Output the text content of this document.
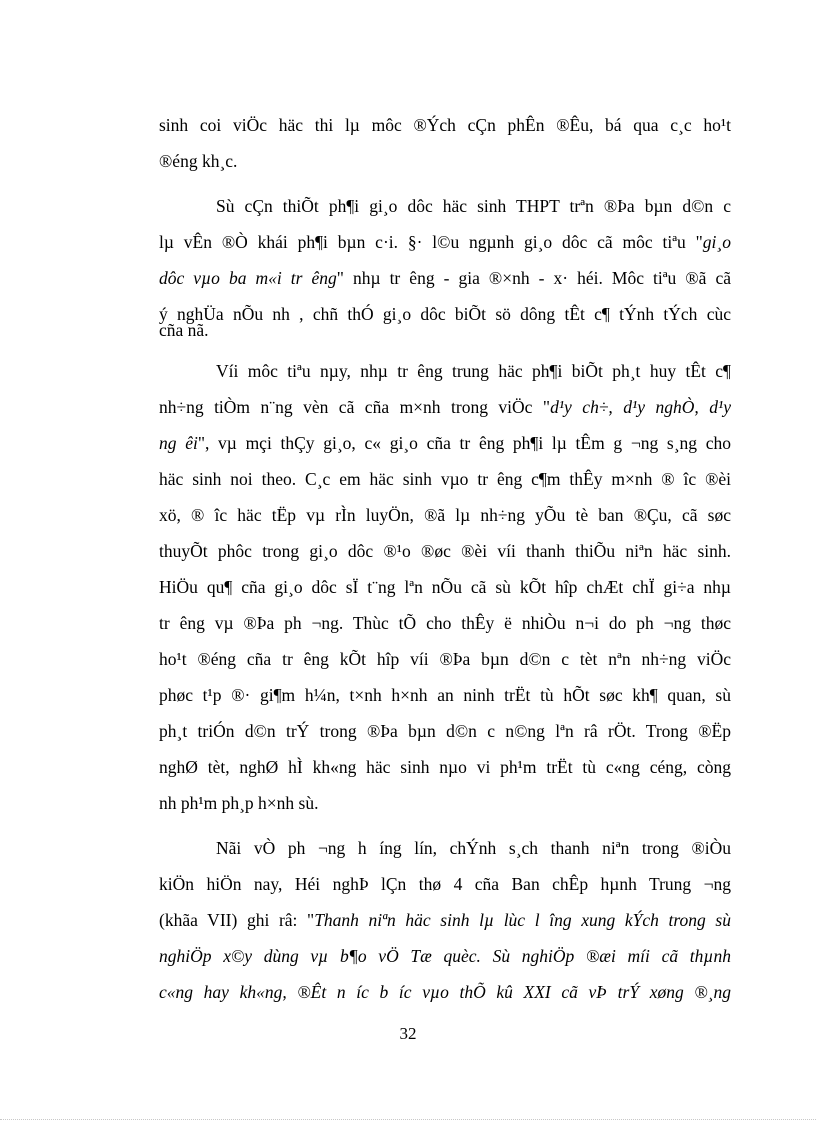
sinh coi viÖc häc thi lµ môc ®Ých cÇn phÊn ®Êu, bá qua c¸c ho¹t
®éng kh¸c.
Sù cÇn thiÕt ph¶i gi¸o dôc häc sinh THPT trªn ®Þa bµn d©n c
lµ vÊn ®Ò khái ph¶i bµn c·i. §· l©u ngµnh gi¸o dôc cã môc tiªu "gi¸o
dôc vµo ba m«i tr êng" nhµ tr êng - gia ®×nh - x· héi. Môc tiªu ®ã cã
ý nghÜa nÕu nh , chñ thÓ gi¸o dôc biÕt sö dông tÊt c¶ tÝnh tÝch cùc
cña nã.
Víi môc tiªu nµy, nhµ tr êng trung häc ph¶i biÕt ph¸t huy tÊt c¶
nh÷ng tiÒm n¨ng vèn cã cña m×nh trong viÖc "d¹y ch÷, d¹y nghÒ, d¹y
ng êi", vµ mçi thÇy gi¸o, c« gi¸o cña tr êng ph¶i lµ tÊm g ¬ng s¸ng cho
häc sinh noi theo. C¸c em häc sinh vµo tr êng c¶m thÊy m×nh ® îc ®èi
xö, ® îc häc tËp vµ rÌn luyÖn, ®ã lµ nh÷ng yÕu tè ban ®Çu, cã søc
thuyÕt phôc trong gi¸o dôc ®¹o ®øc ®èi víi thanh thiÕu niªn häc sinh.
HiÖu qu¶ cña gi¸o dôc sÏ t¨ng lªn nÕu cã sù kÕt hîp chÆt chÏ gi÷a nhµ
tr êng vµ ®Þa ph ¬ng. Thùc tÕ cho thÊy ë nhiÒu n¬i do ph ¬ng thøc
ho¹t ®éng cña tr êng kÕt hîp víi ®Þa bµn d©n c tèt nªn nh÷ng viÖc
phøc t¹p ®· gi¶m h¼n, t×nh h×nh an ninh trËt tù hÕt søc kh¶ quan, sù
ph¸t triÓn d©n trÝ trong ®Þa bµn d©n c n©ng lªn râ rÖt. Trong ®Ëp
nghØ tèt, nghØ hÌ kh«ng häc sinh nµo vi ph¹m trËt tù c«ng céng, còng
nh ph¹m ph¸p h×nh sù.
Nãi vÒ ph ¬ng h íng lín, chÝnh s¸ch thanh niªn trong ®iÒu
kiÖn hiÖn nay, Héi nghÞ lÇn thø 4 cña Ban chÊp hµnh Trung ¬ng
(khãa VII) ghi râ: "Thanh niªn häc sinh lµ lùc l îng xung kÝch trong sù
nghiÖp x©y dùng vµ b¶o vÖ Tæ quèc. Sù nghiÖp ®æi míi cã thµnh
c«ng hay kh«ng, ®Êt n íc b íc vµo thÕ kû XXI cã vÞ trÝ xøng ®¸ng
32
